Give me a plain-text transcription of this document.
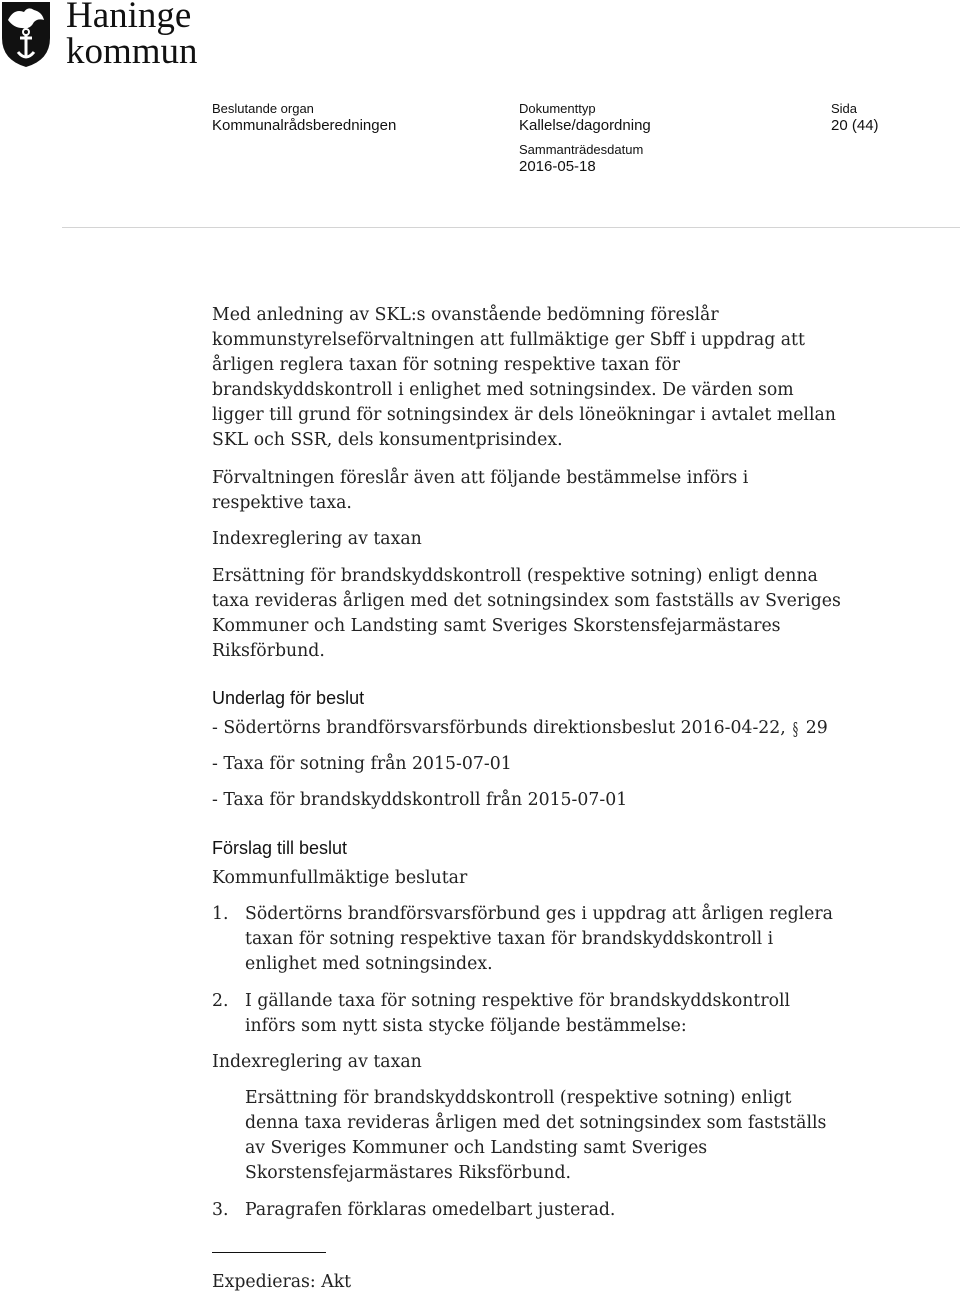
Haninge
kommun
Beslutande organ
Kommunalrådsberedningen
Dokumenttyp
Kallelse/dagordning
Sida
20 (44)
Sammanträdesdatum
2016-05-18
Med anledning av SKL:s ovanstående bedömning föreslår
kommunstyrelseförvaltningen att fullmäktige ger Sbff i uppdrag att
årligen reglera taxan för sotning respektive taxan för
brandskyddskontroll i enlighet med sotningsindex. De värden som
ligger till grund för sotningsindex är dels löneökningar i avtalet mellan
SKL och SSR, dels konsumentprisindex.
Förvaltningen föreslår även att följande bestämmelse införs i
respektive taxa.
Indexreglering av taxan
Ersättning för brandskyddskontroll (respektive sotning) enligt denna
taxa revideras årligen med det sotningsindex som fastställs av Sveriges
Kommuner och Landsting samt Sveriges Skorstensfejarmästares
Riksförbund.
Underlag för beslut
- Södertörns brandförsvarsförbunds direktionsbeslut 2016-04-22, § 29
- Taxa för sotning från 2015-07-01
- Taxa för brandskyddskontroll från 2015-07-01
Förslag till beslut
Kommunfullmäktige beslutar
1. Södertörns brandförsvarsförbund ges i uppdrag att årligen reglera
taxan för sotning respektive taxan för brandskyddskontroll i
enlighet med sotningsindex.
2. I gällande taxa för sotning respektive för brandskyddskontroll
införs som nytt sista stycke följande bestämmelse:
Indexreglering av taxan
Ersättning för brandskyddskontroll (respektive sotning) enligt
denna taxa revideras årligen med det sotningsindex som fastställs
av Sveriges Kommuner och Landsting samt Sveriges
Skorstensfejarmästares Riksförbund.
3. Paragrafen förklaras omedelbart justerad.
Expedieras: Akt
